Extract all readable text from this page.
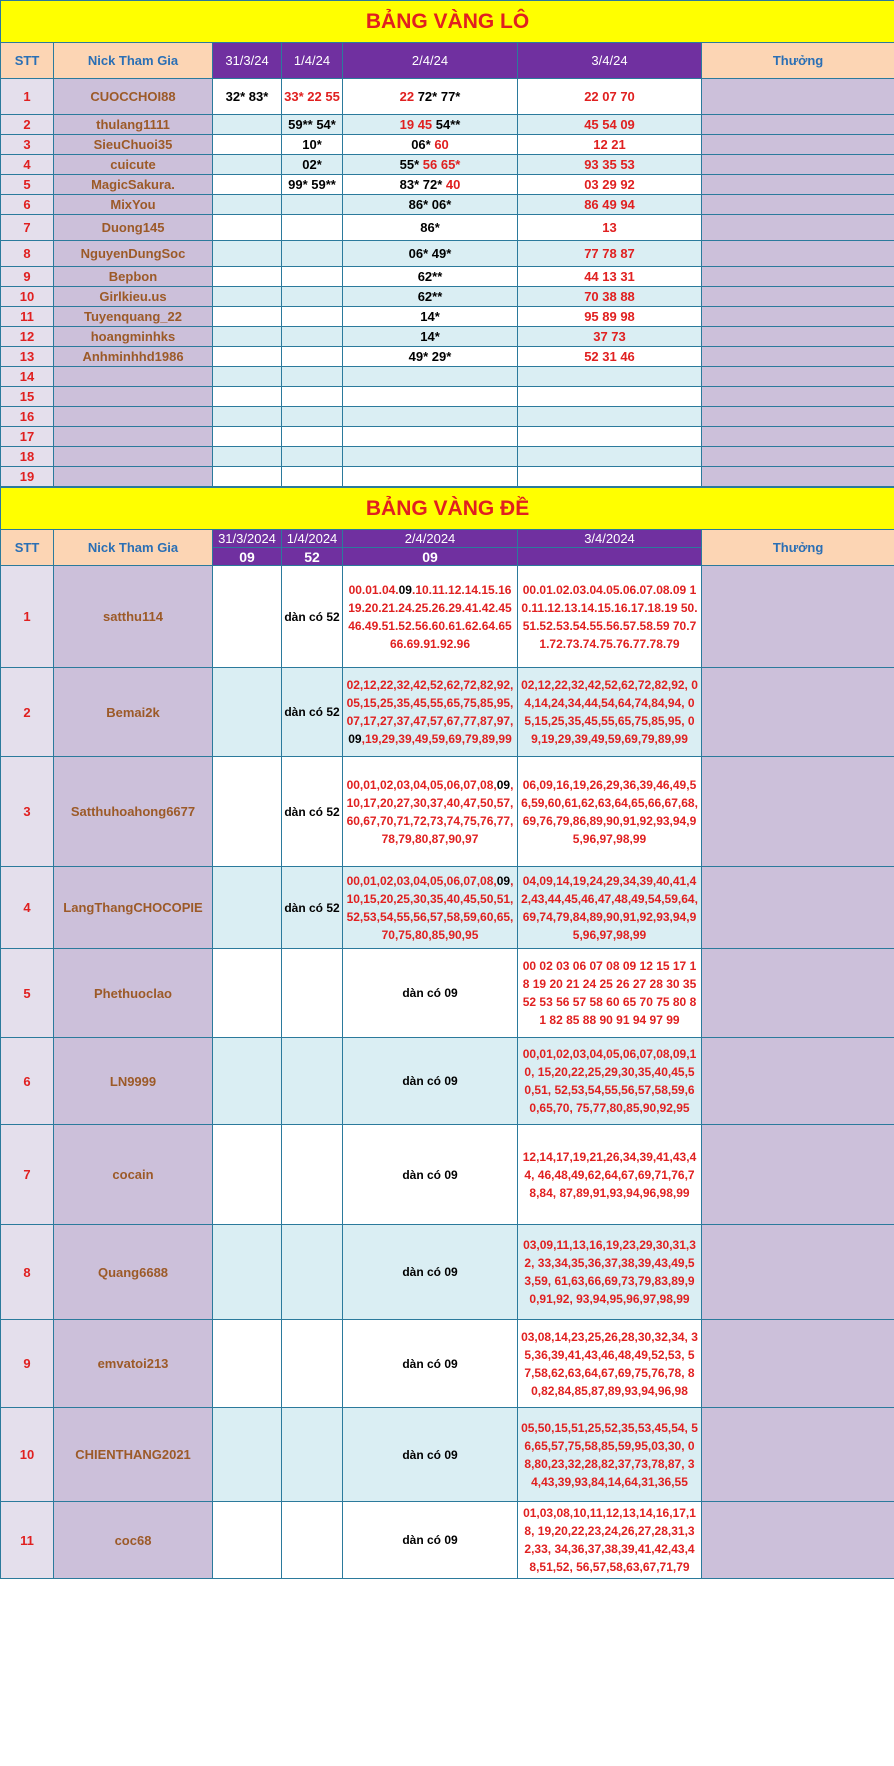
BẢNG VÀNG LÔ						
STT	Nick Tham Gia	31/3/24	1/4/24	2/4/24	3/4/24	Thưởng
1	CUOCCHOI88	32* 83*	33* 22 55	22 72* 77*	22 07 70	
2	thulang1111		59** 54*	19 45 54**	45 54 09	
3	SieuChuoi35		10*	06* 60	12 21	
4	cuicute		02*	55* 56 65*	93 35 53	
5	MagicSakura.		99* 59**	83* 72* 40	03 29 92	
6	MixYou			86* 06*	86 49 94	
7	Duong145			86*	13	
8	NguyenDungSoc			06* 49*	77 78 87	
9	Bepbon			62**	44 13 31	
10	Girlkieu.us			62**	70 38 88	
11	Tuyenquang_22			14*	95 89 98	
12	hoangminhks			14*	37 73	
13	Anhminhhd1986			49* 29*	52 31 46	
14						
15						
16						
17						
18						
19						
BẢNG VÀNG ĐỀ						
STT	Nick Tham Gia	31/3/2024	1/4/2024	2/4/2024	3/4/2024	Thưởng
		09	52	09		
1	satthu114		dàn có 52	00.01.04.09.10.11.12.14.15.16 19.20.21.24.25.26.29.41.42.45 46.49.51.52.56.60.61.62.64.65 66.69.91.92.96	00.01.02.03.04.05.06.07.08.09 10.11.12.13.14.15.16.17.18.19 50.51.52.53.54.55.56.57.58.59 70.71.72.73.74.75.76.77.78.79	
2	Bemai2k		dàn có 52	02,12,22,32,42,52,62,72,82,92, 05,15,25,35,45,55,65,75,85,95, 07,17,27,37,47,57,67,77,87,97, 09,19,29,39,49,59,69,79,89,99	02,12,22,32,42,52,62,72,82,92, 04,14,24,34,44,54,64,74,84,94, 05,15,25,35,45,55,65,75,85,95, 09,19,29,39,49,59,69,79,89,99	
3	Satthuhoahong6677		dàn có 52	00,01,02,03,04,05,06,07,08,09,10,17,20,27,30,37,40,47,50,57,60,67,70,71,72,73,74,75,76,77,78,79,80,87,90,97	06,09,16,19,26,29,36,39,46,49,56,59,60,61,62,63,64,65,66,67,68,69,76,79,86,89,90,91,92,93,94,95,96,97,98,99	
4	LangThangCHOCOPIE		dàn có 52	00,01,02,03,04,05,06,07,08,09,10,15,20,25,30,35,40,45,50,51,52,53,54,55,56,57,58,59,60,65,70,75,80,85,90,95	04,09,14,19,24,29,34,39,40,41,42,43,44,45,46,47,48,49,54,59,64,69,74,79,84,89,90,91,92,93,94,95,96,97,98,99	
5	Phethuoclao			dàn có 09	00 02 03 06 07 08 09 12 15 17 18 19 20 21 24 25 26 27 28 30 35 52 53 56 57 58 60 65 70 75 80 81 82 85 88 90 91 94 97 99	
6	LN9999			dàn có 09	00,01,02,03,04,05,06,07,08,09,10, 15,20,22,25,29,30,35,40,45,50,51, 52,53,54,55,56,57,58,59,60,65,70, 75,77,80,85,90,92,95	
7	cocain			dàn có 09	12,14,17,19,21,26,34,39,41,43,44, 46,48,49,62,64,67,69,71,76,78,84, 87,89,91,93,94,96,98,99	
8	Quang6688			dàn có 09	03,09,11,13,16,19,23,29,30,31,32, 33,34,35,36,37,38,39,43,49,53,59, 61,63,66,69,73,79,83,89,90,91,92, 93,94,95,96,97,98,99	
9	emvatoi213			dàn có 09	03,08,14,23,25,26,28,30,32,34, 35,36,39,41,43,46,48,49,52,53, 57,58,62,63,64,67,69,75,76,78, 80,82,84,85,87,89,93,94,96,98	
10	CHIENTHANG2021			dàn có 09	05,50,15,51,25,52,35,53,45,54, 56,65,57,75,58,85,59,95,03,30, 08,80,23,32,28,82,37,73,78,87, 34,43,39,93,84,14,64,31,36,55	
11	coc68			dàn có 09	01,03,08,10,11,12,13,14,16,17,18, 19,20,22,23,24,26,27,28,31,32,33, 34,36,37,38,39,41,42,43,48,51,52, 56,57,58,63,67,71,79	
